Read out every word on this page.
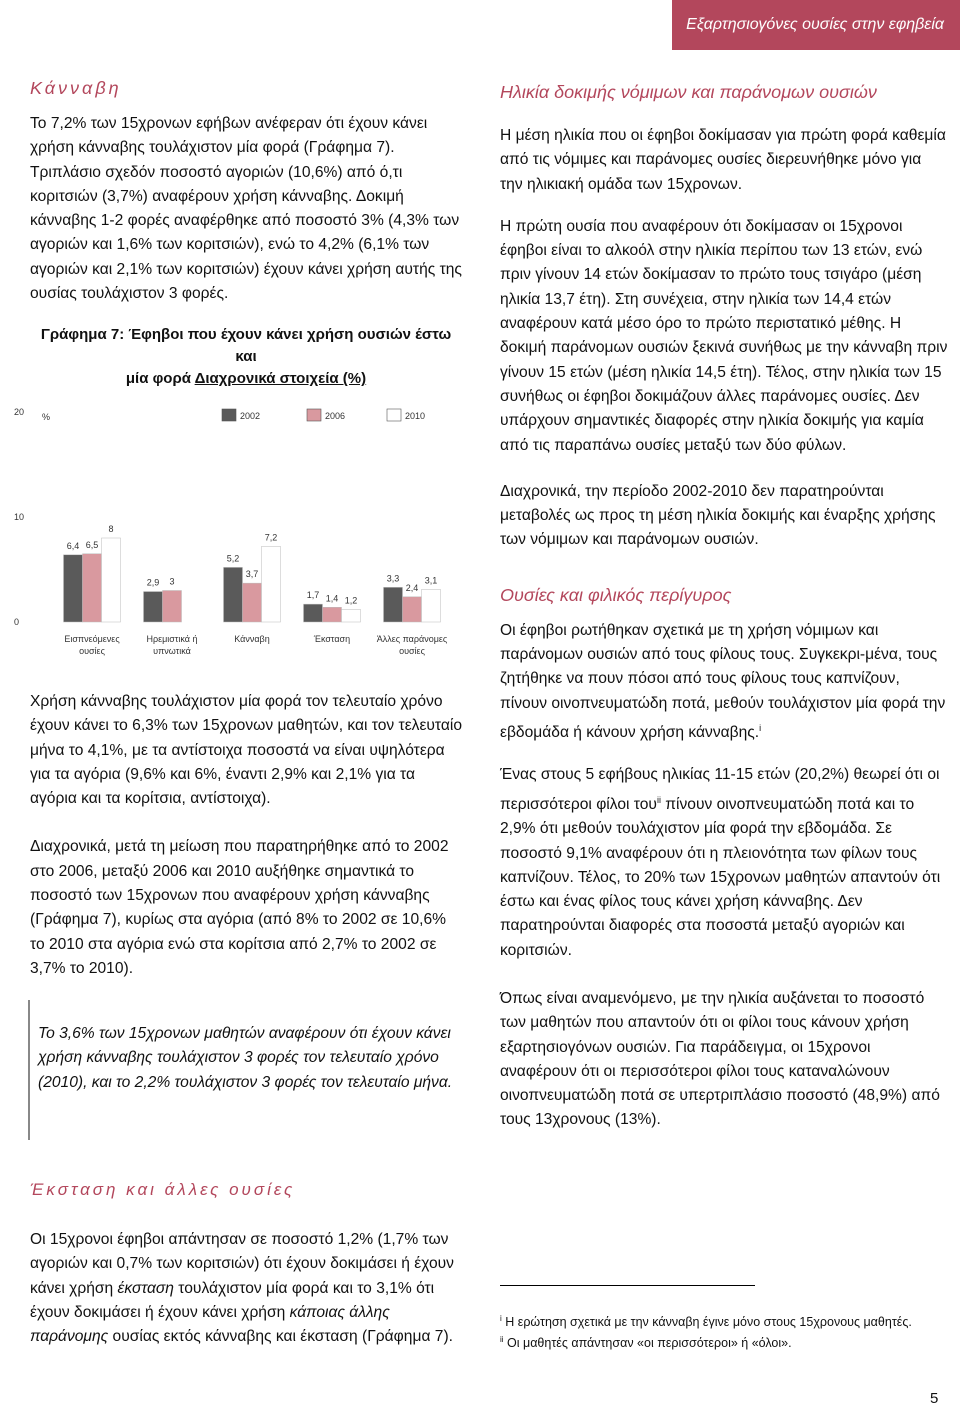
Εξαρτησιογόνες ουσίες στην εφηβεία
Κάνναβη

Το 7,2% των 15χρονων εφήβων ανέφεραν ότι έχουν κάνει χρήση κάνναβης τουλάχιστον μία φορά (Γράφημα 7). Τριπλάσιο σχεδόν ποσοστό αγοριών (10,6%) από ό,τι κοριτσιών (3,7%) αναφέρουν χρήση κάνναβης. Δοκιμή κάνναβης 1-2 φορές αναφέρθηκε από ποσοστό 3% (4,3% των αγοριών και 1,6% των κοριτσιών), ενώ το 4,2% (6,1% των αγοριών και 2,1% των κοριτσιών) έχουν κάνει χρήση αυτής της ουσίας τουλάχιστον 3 φορές.

Γράφημα 7: Έφηβοι που έχουν κάνει χρήση ουσιών έστω και
μία φορά Διαχρονικά στοιχεία (%)
0
10
20 %	2002	2006	2010
6,4 6,5
8
2,9 3
5,2
3,7
7,2
1,7 1,4 1,2
3,3
2,4
3,1
Εισπνεόμενες
ουσίες
Ηρεμιστικά ή
υπνωτικά
Κάνναβη	Έκσταση	Άλλες παράνομες
ουσίες

Χρήση κάνναβης τουλάχιστον μία φορά τον τελευταίο χρόνο έχουν κάνει το 6,3% των 15χρονων μαθητών, και τον τελευταίο μήνα το 4,1%, με τα αντίστοιχα ποσοστά να είναι υψηλότερα για τα αγόρια (9,6% και 6%, έναντι 2,9% και 2,1% για τα αγόρια και τα κορίτσια, αντίστοιχα).

Διαχρονικά, μετά τη μείωση που παρατηρήθηκε από το 2002 στο 2006, μεταξύ 2006 και 2010 αυξήθηκε σημαντικά το ποσοστό των 15χρονων που αναφέρουν χρήση κάνναβης (Γράφημα 7), κυρίως στα αγόρια (από 8% το 2002 σε 10,6% το 2010 στα αγόρια ενώ στα κορίτσια από 2,7% το 2002 σε 3,7% το 2010).

Το 3,6% των 15χρονων μαθητών αναφέρουν ότι έχουν κάνει χρήση κάνναβης τουλάχιστον 3 φορές τον τελευταίο χρόνο (2010), και το 2,2% τουλάχιστον 3 φορές τον τελευταίο μήνα.
Έκσταση και άλλες ουσίες

Οι 15χρονοι έφηβοι απάντησαν σε ποσοστό 1,2% (1,7% των αγοριών και 0,7% των κοριτσιών) ότι έχουν δοκιμάσει ή έχουν κάνει χρήση έκσταση τουλάχιστον μία φορά και το 3,1% ότι έχουν δοκιμάσει ή έχουν κάνει χρήση κάποιας άλλης παράνομης ουσίας εκτός κάνναβης και έκσταση (Γράφημα 7).

Ηλικία δοκιμής νόμιμων και παράνομων ουσιών

Η μέση ηλικία που οι έφηβοι δοκίμασαν για πρώτη φορά καθεμία από τις νόμιμες και παράνομες ουσίες διερευνήθηκε μόνο για την ηλικιακή ομάδα των 15χρονων.

Η πρώτη ουσία που αναφέρουν ότι δοκίμασαν οι 15χρονοι έφηβοι είναι το αλκοόλ στην ηλικία περίπου των 13 ετών, ενώ πριν γίνουν 14 ετών δοκίμασαν το πρώτο τους τσιγάρο (μέση ηλικία 13,7 έτη). Στη συνέχεια, στην ηλικία των 14,4 ετών αναφέρουν κατά μέσο όρο το πρώτο περιστατικό μέθης. Η δοκιμή παράνομων ουσιών ξεκινά συνήθως με την κάνναβη πριν γίνουν 15 ετών (μέση ηλικία 14,5 έτη). Τέλος, στην ηλικία των 15 συνήθως οι έφηβοι δοκιμάζουν άλλες παράνομες ουσίες. Δεν υπάρχουν σημαντικές διαφορές στην ηλικία δοκιμής για καμία από τις παραπάνω ουσίες μεταξύ των δύο φύλων.

Διαχρονικά, την περίοδο 2002-2010 δεν παρατηρούνται μεταβολές ως προς τη μέση ηλικία δοκιμής και έναρξης χρήσης των νόμιμων και παράνομων ουσιών.

Ουσίες και φιλικός περίγυρος

Οι έφηβοι ρωτήθηκαν σχετικά με τη χρήση νόμιμων και παράνομων ουσιών από τους φίλους τους. Συγκεκρι-μένα, τους ζητήθηκε να πουν πόσοι από τους φίλους τους καπνίζουν, πίνουν οινοπνευματώδη ποτά, μεθούν τουλάχιστον μία φορά την εβδομάδα ή κάνουν χρήση κάνναβης.$^i$

Ένας στους 5 εφήβους ηλικίας 11-15 ετών (20,2%) θεωρεί ότι οι περισσότεροι φίλοι του$^{ii}$ πίνουν οινοπνευματώδη ποτά και το 2,9% ότι μεθούν τουλάχιστον μία φορά την εβδομάδα. Σε ποσοστό 9,1% αναφέρουν ότι η πλειονότητα των φίλων τους καπνίζουν. Τέλος, το 20% των 15χρονων μαθητών απαντούν ότι έστω και ένας φίλος τους κάνει χρήση κάνναβης. Δεν παρατηρούνται διαφορές στα ποσοστά μεταξύ αγοριών και κοριτσιών.

Όπως είναι αναμενόμενο, με την ηλικία αυξάνεται το ποσοστό των μαθητών που απαντούν ότι οι φίλοι τους κάνουν χρήση εξαρτησιογόνων ουσιών. Για παράδειγμα, οι 15χρονοι αναφέρουν ότι οι περισσότεροι φίλοι τους καταναλώνουν οινοπνευματώδη ποτά σε υπερτριπλάσιο ποσοστό (48,9%) από τους 13χρονους (13%).

$^i$ Η ερώτηση σχετικά με την κάνναβη έγινε μόνο στους 15χρονους μαθητές.
$^{ii}$ Οι μαθητές απάντησαν «οι περισσότεροι» ή «όλοι».
5
